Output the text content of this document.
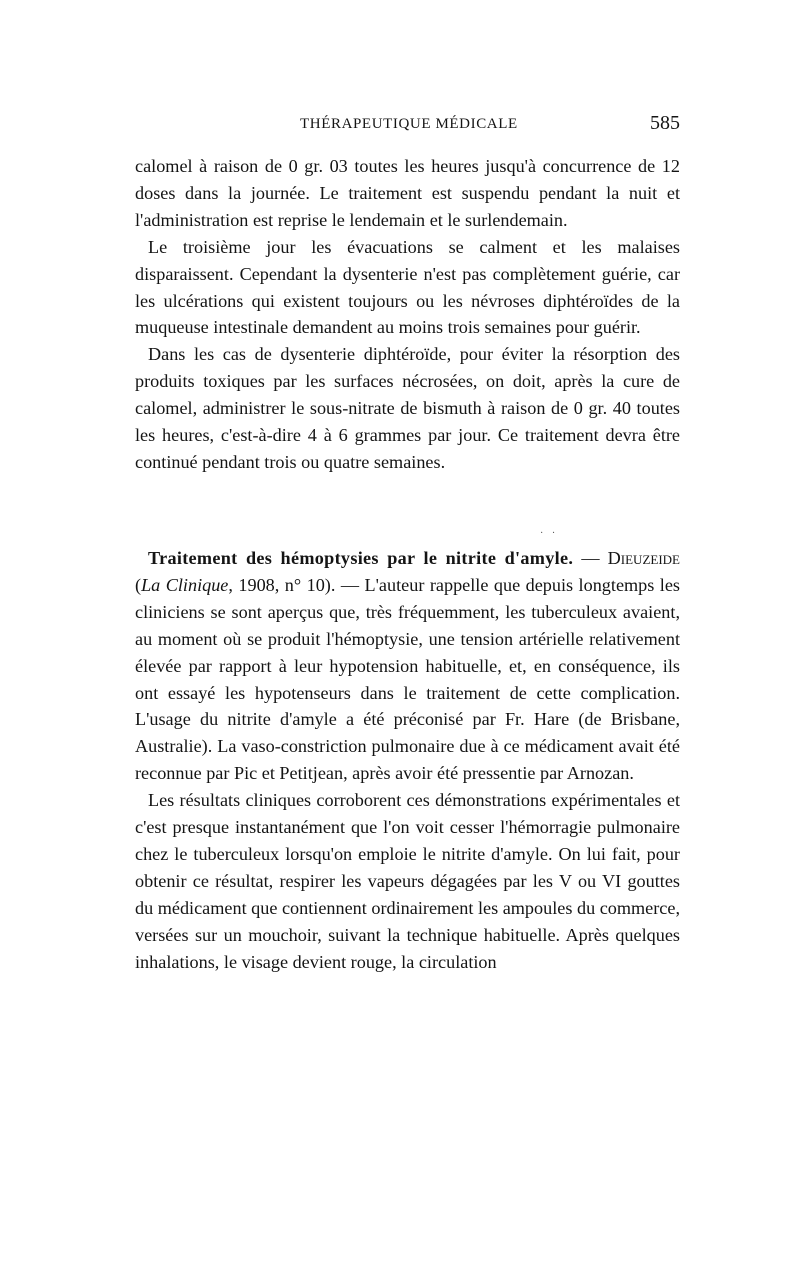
THÉRAPEUTIQUE MÉDICALE	585

calomel à raison de 0 gr. 03 toutes les heures jusqu'à concurrence de 12 doses dans la journée. Le traitement est suspendu pendant la nuit et l'administration est reprise le lendemain et le surlendemain.

Le troisième jour les évacuations se calment et les malaises disparaissent. Cependant la dysenterie n'est pas complètement guérie, car les ulcérations qui existent toujours ou les névroses diphtéroïdes de la muqueuse intestinale demandent au moins trois semaines pour guérir.

Dans les cas de dysenterie diphtéroïde, pour éviter la résorption des produits toxiques par les surfaces nécrosées, on doit, après la cure de calomel, administrer le sous-nitrate de bismuth à raison de 0 gr. 40 toutes les heures, c'est-à-dire 4 à 6 grammes par jour. Ce traitement devra être continué pendant trois ou quatre semaines.

· ·

Traitement des hémoptysies par le nitrite d'amyle. — Dieuzeide (La Clinique, 1908, n° 10). — L'auteur rappelle que depuis longtemps les cliniciens se sont aperçus que, très fréquemment, les tuberculeux avaient, au moment où se produit l'hémoptysie, une tension artérielle relativement élevée par rapport à leur hypotension habituelle, et, en conséquence, ils ont essayé les hypotenseurs dans le traitement de cette complication. L'usage du nitrite d'amyle a été préconisé par Fr. Hare (de Brisbane, Australie). La vaso-constriction pulmonaire due à ce médicament avait été reconnue par Pic et Petitjean, après avoir été pressentie par Arnozan.

Les résultats cliniques corroborent ces démonstrations expérimentales et c'est presque instantanément que l'on voit cesser l'hémorragie pulmonaire chez le tuberculeux lorsqu'on emploie le nitrite d'amyle. On lui fait, pour obtenir ce résultat, respirer les vapeurs dégagées par les V ou VI gouttes du médicament que contiennent ordinairement les ampoules du commerce, versées sur un mouchoir, suivant la technique habituelle. Après quelques inhalations, le visage devient rouge, la circulation
